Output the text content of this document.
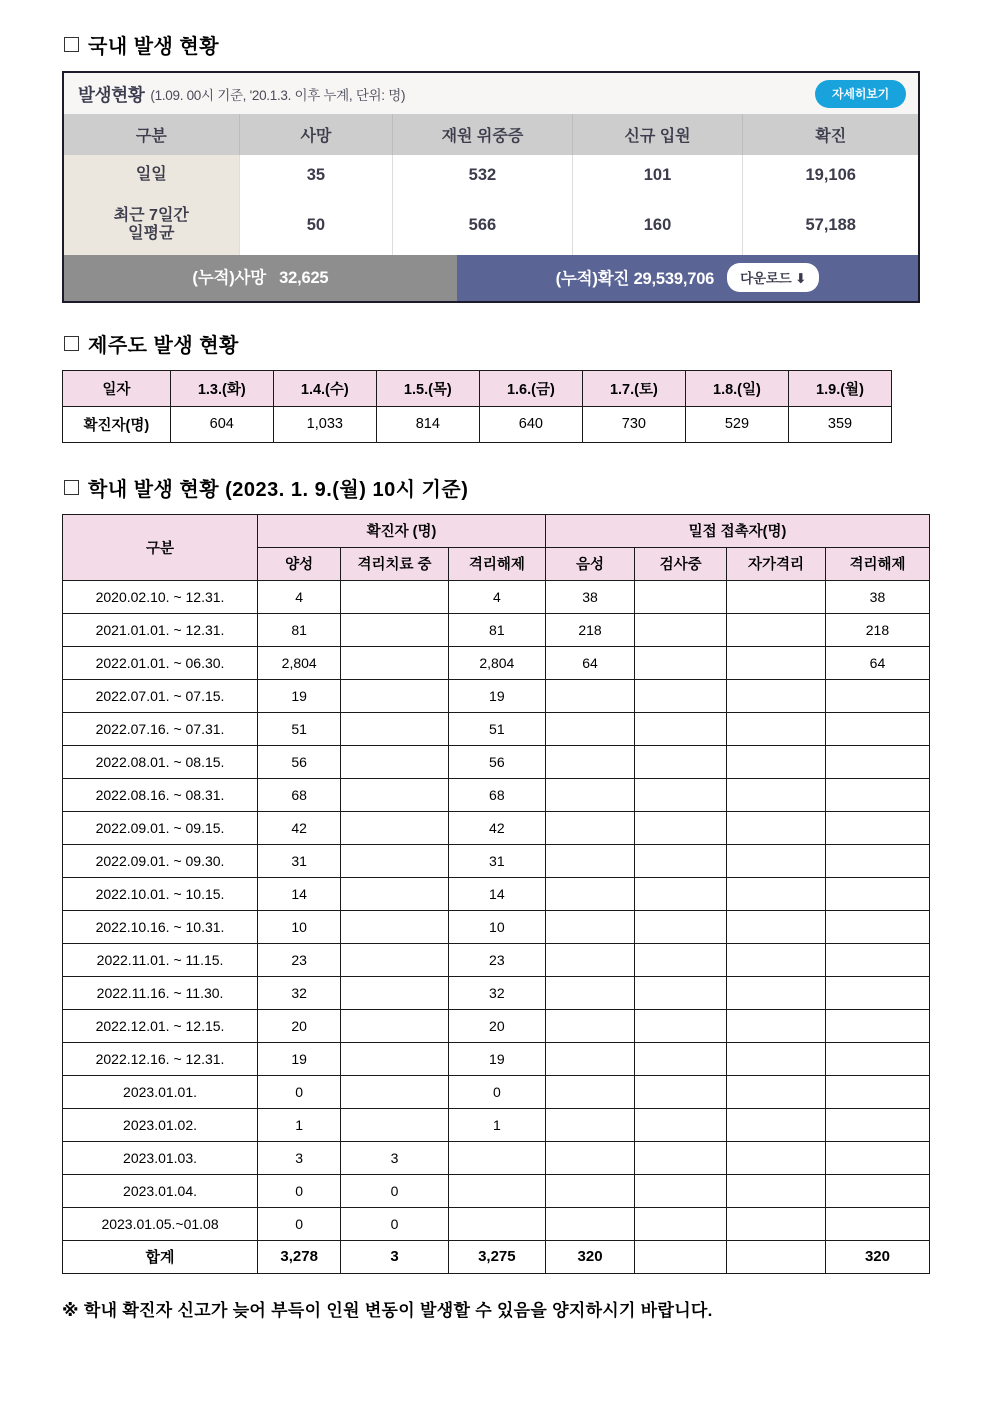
국내 발생 현황
발생현황 (1.09. 00시 기준, '20.1.3. 이후 누계, 단위: 명)	자세히보기
구분	사망	재원 위중증	신규 입원	확진
일일	35	532	101	19,106

최근 7일간
일평균	50	566	160	57,188
(누적)사망 32,625	(누적)확진 29,539,706	다운로드 ⬇
제주도 발생 현황
일자	1.3.(화)	1.4.(수)	1.5.(목)	1.6.(금)	1.7.(토)	1.8.(일)	1.9.(월)
확진자(명)	604	1,033	814	640	730	529	359
학내 발생 현황 (2023. 1. 9.(월) 10시 기준)
구분	확진자 (명)			밀접 접촉자(명)			
	양성	격리치료 중	격리해제	음성	검사중	자가격리	격리해제
2020.02.10. ~ 12.31.	4		4	38			38
2021.01.01. ~ 12.31.	81		81	218			218
2022.01.01. ~ 06.30.	2,804		2,804	64			64
2022.07.01. ~ 07.15.	19		19				
2022.07.16. ~ 07.31.	51		51				
2022.08.01. ~ 08.15.	56		56				
2022.08.16. ~ 08.31.	68		68				
2022.09.01. ~ 09.15.	42		42				
2022.09.01. ~ 09.30.	31		31				
2022.10.01. ~ 10.15.	14		14				
2022.10.16. ~ 10.31.	10		10				
2022.11.01. ~ 11.15.	23		23				
2022.11.16. ~ 11.30.	32		32				
2022.12.01. ~ 12.15.	20		20				
2022.12.16. ~ 12.31.	19		19				
2023.01.01.	0		0				
2023.01.02.	1		1				
2023.01.03.	3	3					
2023.01.04.	0	0					
2023.01.05.~01.08	0	0					
합계	3,278	3	3,275	320			320
※ 학내 확진자 신고가 늦어 부득이 인원 변동이 발생할 수 있음을 양지하시기 바랍니다.
